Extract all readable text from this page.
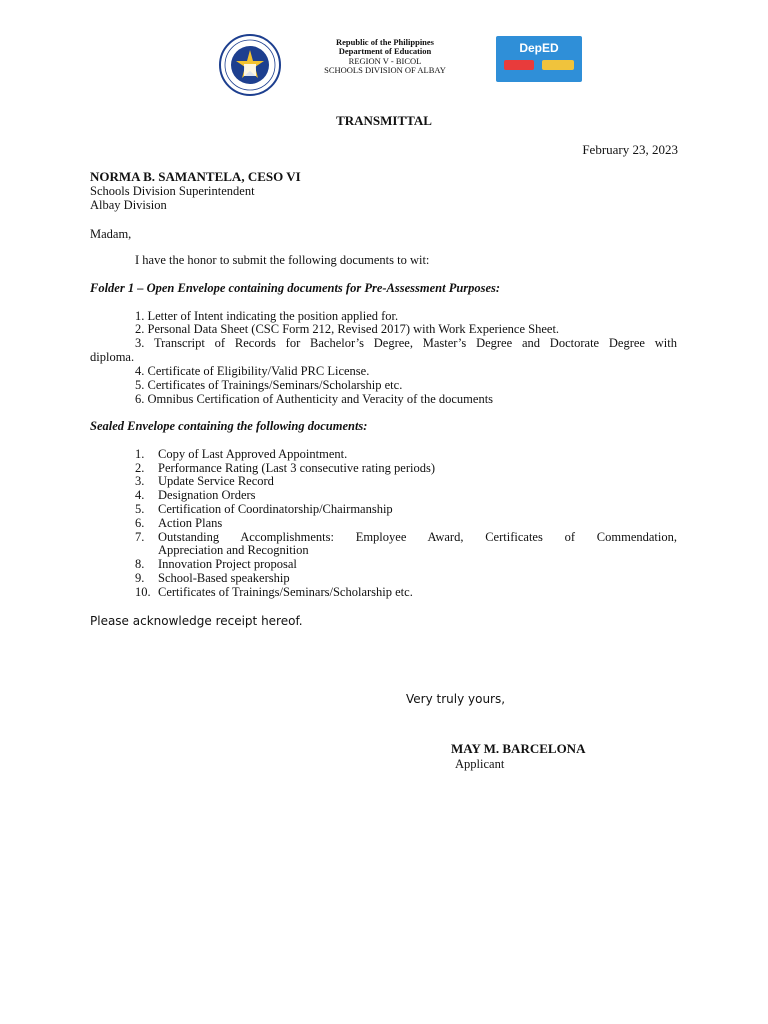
Republic of the Philippines
Department of Education
REGION V - BICOL
SCHOOLS DIVISION OF ALBAY
DepED
TRANSMITTAL
February 23, 2023
NORMA B. SAMANTELA, CESO VI
Schools Division Superintendent
Albay Division
Madam,
I have the honor to submit the following documents to wit:
Folder 1 – Open Envelope containing documents for Pre-Assessment Purposes:
1. Letter of Intent indicating the position applied for.
2. Personal Data Sheet (CSC Form 212, Revised 2017) with Work Experience Sheet.
3. Transcript of Records for Bachelor’s Degree, Master’s Degree and Doctorate Degree with
diploma.
4. Certificate of Eligibility/Valid PRC License.
5. Certificates of Trainings/Seminars/Scholarship etc.
6. Omnibus Certification of Authenticity and Veracity of the documents
Sealed Envelope containing the following documents:
1. Copy of Last Approved Appointment.
2. Performance Rating (Last 3 consecutive rating periods)
3. Update Service Record
4. Designation Orders
5. Certification of Coordinatorship/Chairmanship
6. Action Plans
7. Outstanding Accomplishments: Employee Award, Certificates of Commendation,
Appreciation and Recognition
8. Innovation Project proposal
9. School-Based speakership
10. Certificates of Trainings/Seminars/Scholarship etc.
Please acknowledge receipt hereof.
Very truly yours,
MAY M. BARCELONA
Applicant
